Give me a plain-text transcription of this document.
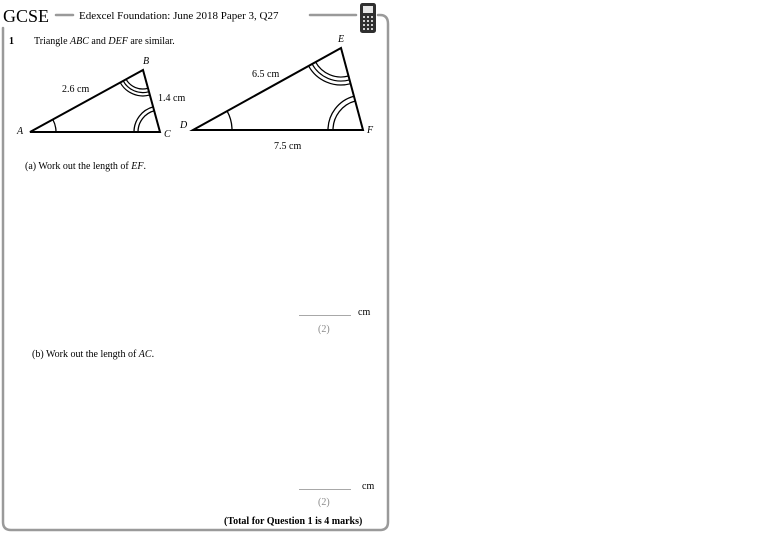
GCSE	Edexcel Foundation: June 2018 Paper 3, Q27
1 Triangle ABC and DEF are similar.
A
B
C
2.6 cm
1.4 cm
D
E
F
6.5 cm
7.5 cm
(a) Work out the length of EF.
cm
(2)
(b) Work out the length of AC.
cm
(2)
(Total for Question 1 is 4 marks)
